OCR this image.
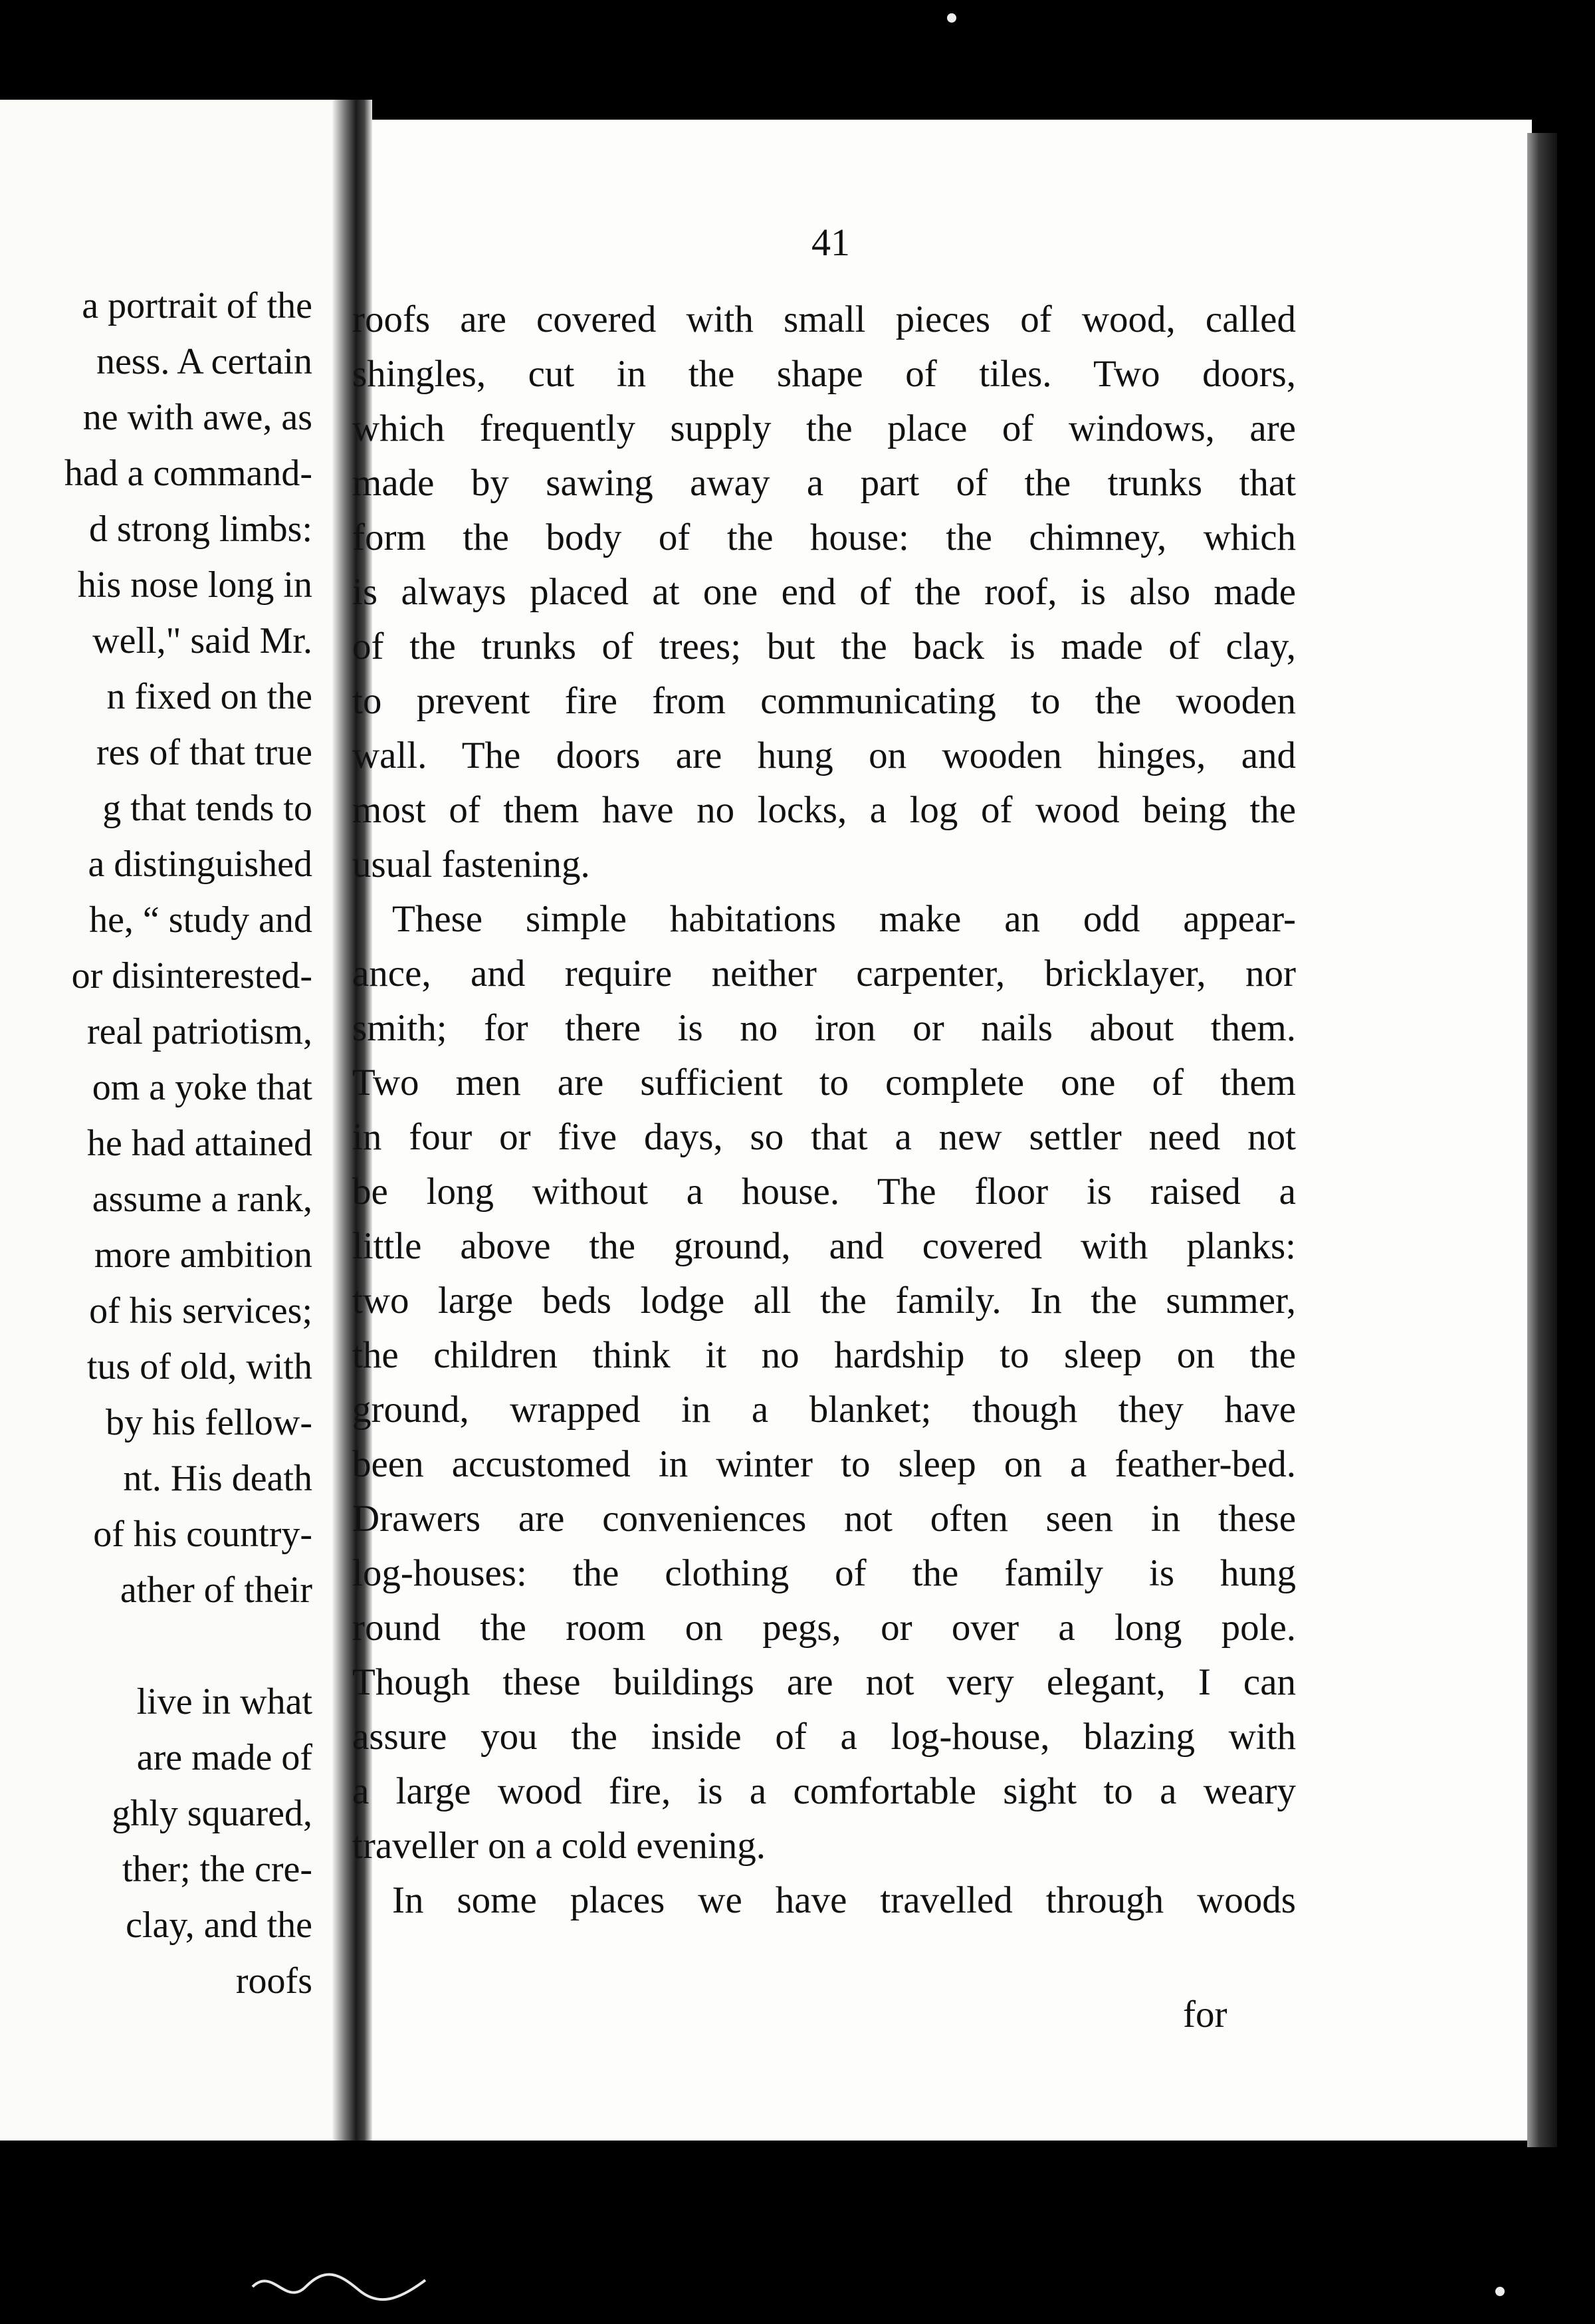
a portrait of the
ness. A certain
ne with awe, as
had a command-
d strong limbs:
his nose long in
well," said Mr.
n fixed on the
res of that true
g that tends to
a distinguished
he, “ study and
or disinterested-
real patriotism,
om a yoke that
he had attained
assume a rank,
more ambition
of his services;
tus of old, with
by his fellow-
nt. His death
of his country-
ather of their
live in what
are made of
ghly squared,
ther; the cre-
clay, and the
roofs
41
roofs are covered with small pieces of wood, called
shingles, cut in the shape of tiles. Two doors,
which frequently supply the place of windows, are
made by sawing away a part of the trunks that
form the body of the house: the chimney, which
is always placed at one end of the roof, is also made
of the trunks of trees; but the back is made of clay,
to prevent fire from communicating to the wooden
wall. The doors are hung on wooden hinges, and
most of them have no locks, a log of wood being the
usual fastening.
These simple habitations make an odd appear-
ance, and require neither carpenter, bricklayer, nor
smith; for there is no iron or nails about them.
Two men are sufficient to complete one of them
in four or five days, so that a new settler need not
be long without a house. The floor is raised a
little above the ground, and covered with planks:
two large beds lodge all the family. In the summer,
the children think it no hardship to sleep on the
ground, wrapped in a blanket; though they have
been accustomed in winter to sleep on a feather-bed.
Drawers are conveniences not often seen in these
log-houses: the clothing of the family is hung
round the room on pegs, or over a long pole.
Though these buildings are not very elegant, I can
assure you the inside of a log-house, blazing with
a large wood fire, is a comfortable sight to a weary
traveller on a cold evening.
In some places we have travelled through woods
for
